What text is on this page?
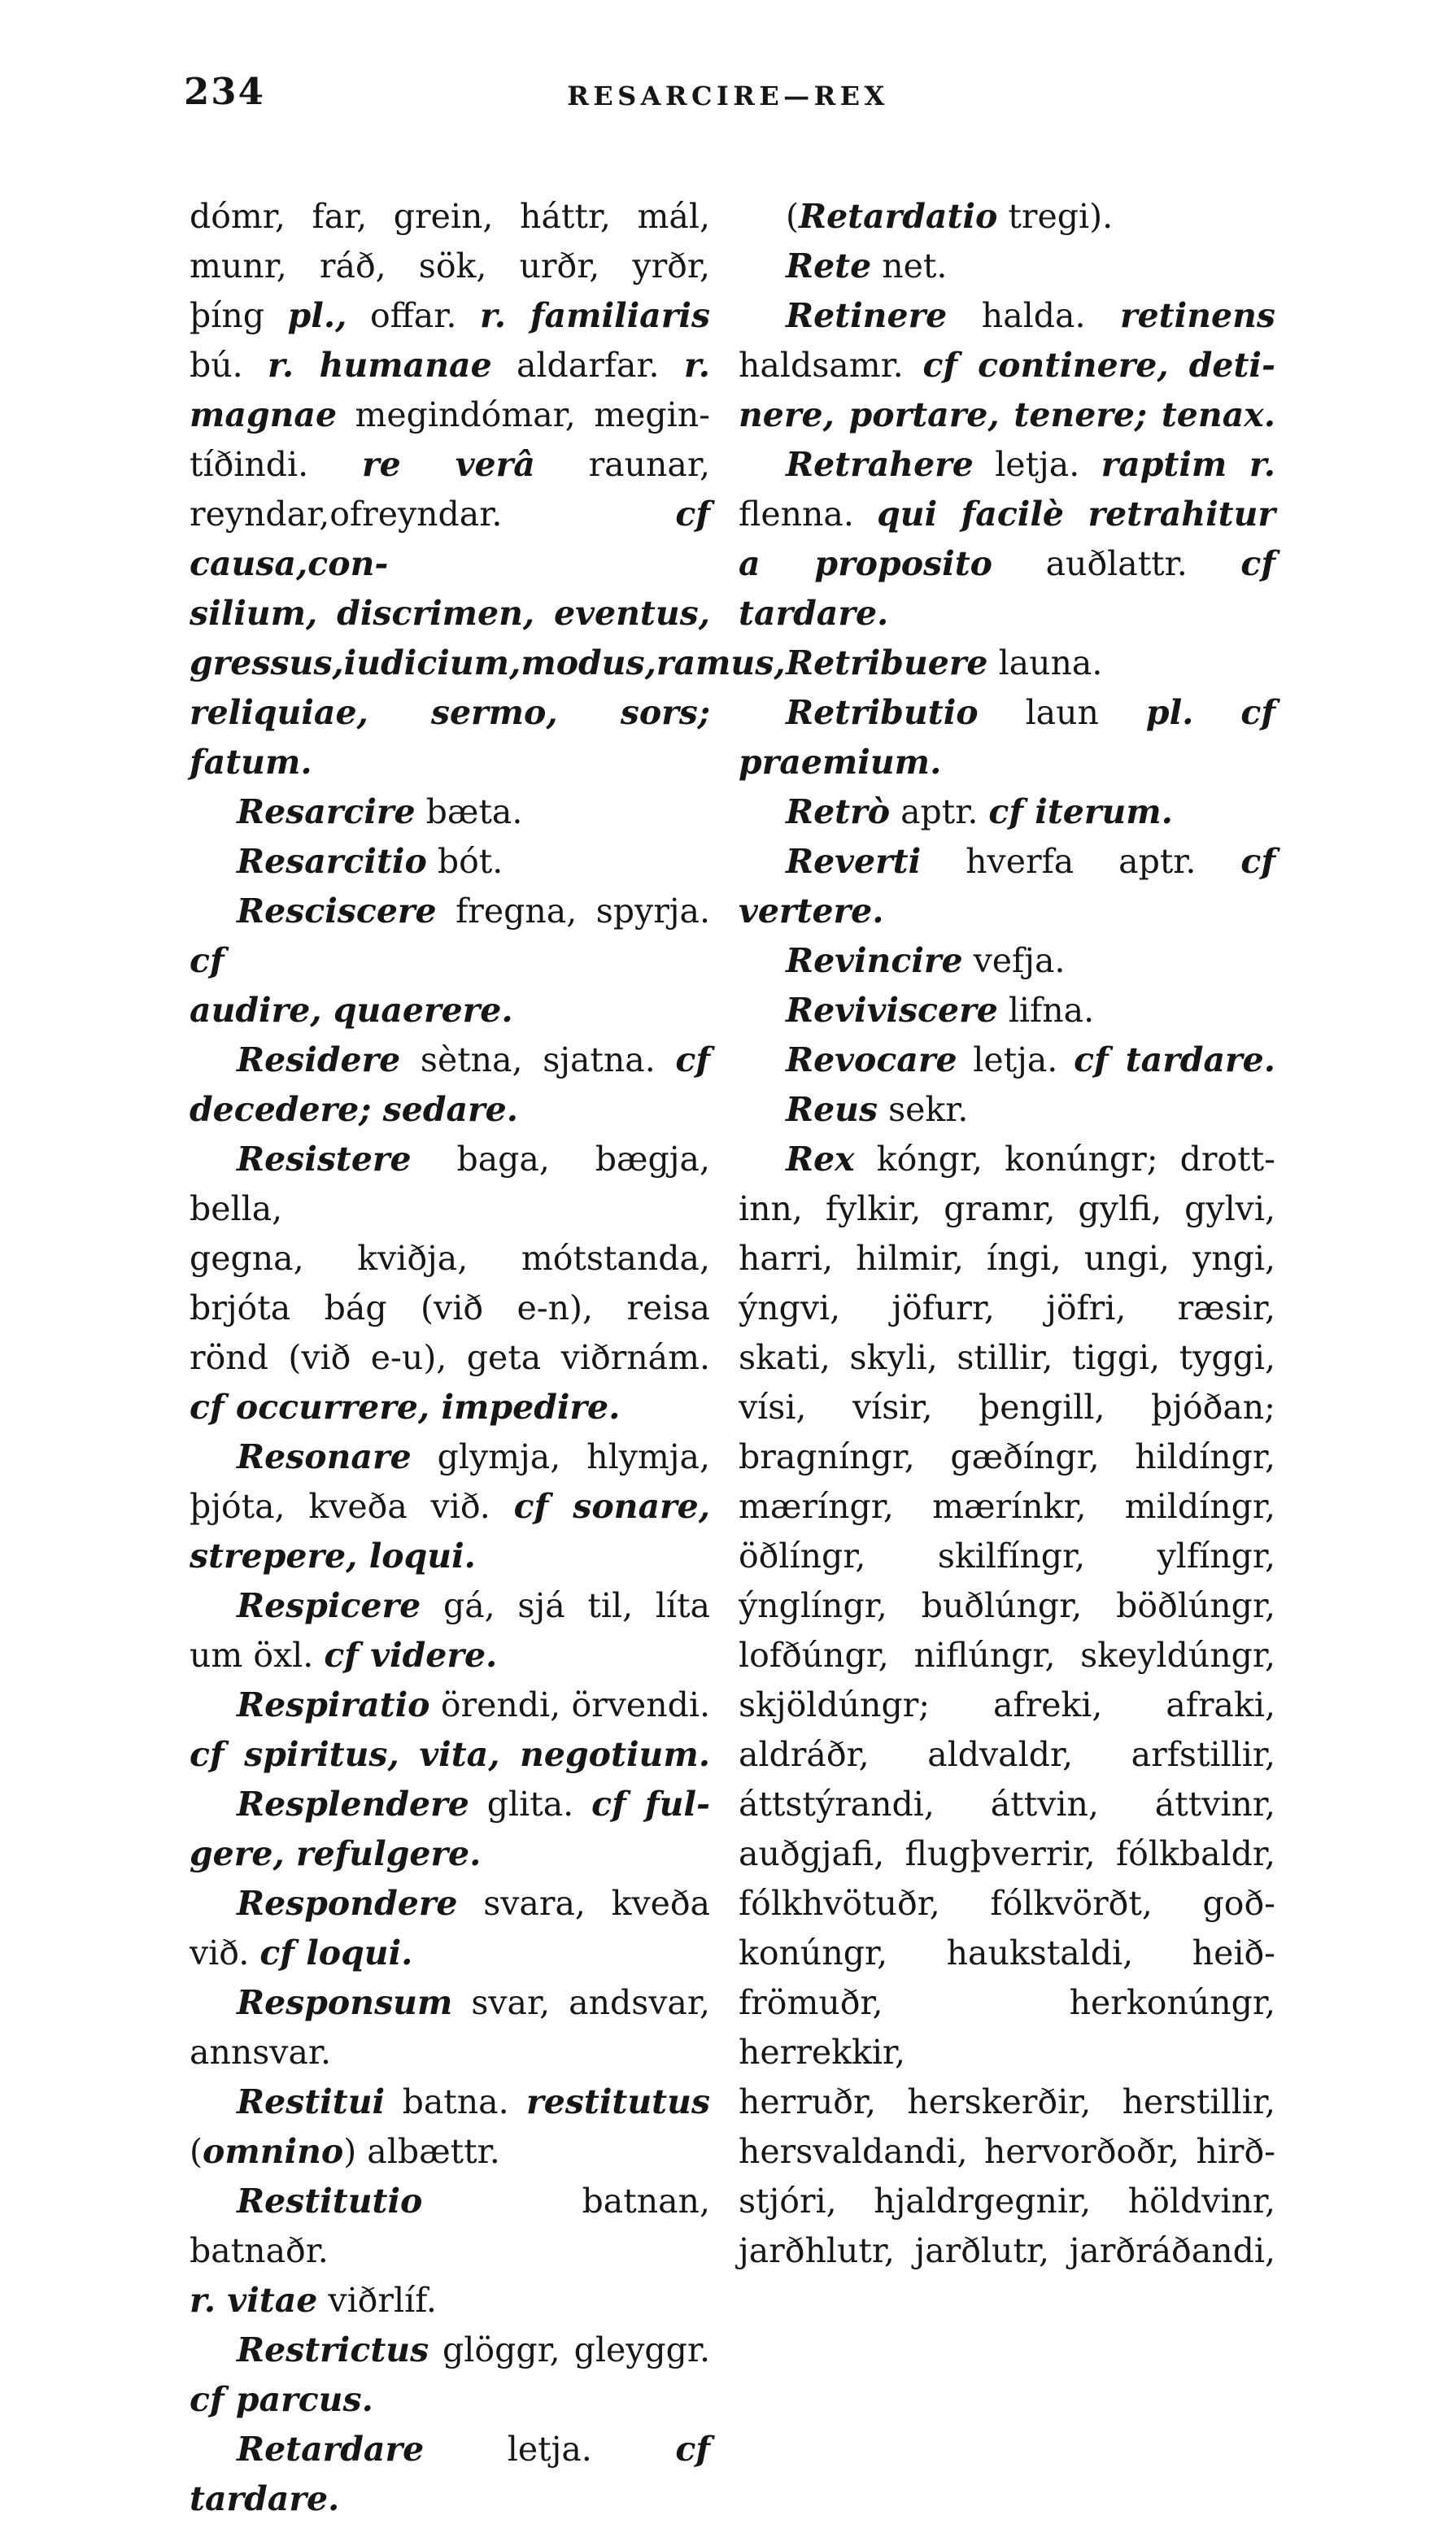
234	RESARCIRE—REX
dómr, far, grein, háttr, mál,
munr, ráð, sök, urðr, yrðr,
þíng pl., offar. r. familiaris
bú. r. humanae aldarfar. r.
magnae megindómar, megin-
tíðindi. re verâ raunar,
reyndar,ofreyndar. cf causa,con-
silium, discrimen, eventus,
gressus,iudicium,modus,ramus,
reliquiae, sermo, sors; fatum.
Resarcire bæta.
Resarcitio bót.
Resciscere fregna, spyrja. cf
audire, quaerere.
Residere sètna, sjatna. cf
decedere; sedare.
Resistere baga, bægja, bella,
gegna, kviðja, mótstanda,
brjóta bág (við e-n), reisa
rönd (við e-u), geta viðrnám.
cf occurrere, impedire.
Resonare glymja, hlymja,
þjóta, kveða við. cf sonare,
strepere, loqui.
Respicere gá, sjá til, líta
um öxl. cf videre.
Respiratio örendi, örvendi.
cf spiritus, vita, negotium.
Resplendere glita. cf ful-
gere, refulgere.
Respondere svara, kveða
við. cf loqui.
Responsum svar, andsvar,
annsvar.
Restitui batna. restitutus
(omnino) albættr.
Restitutio batnan, batnaðr.
r. vitae viðrlíf.
Restrictus glöggr, gleyggr.
cf parcus.
Retardare letja. cf tardare.
(Retardatio tregi).
Rete net.
Retinere halda. retinens
haldsamr. cf continere, deti-
nere, portare, tenere; tenax.
Retrahere letja. raptim r.
flenna. qui facilè retrahitur
a proposito auðlattr. cf
tardare.
Retribuere launa.
Retributio laun pl. cf
praemium.
Retrò aptr. cf iterum.
Reverti hverfa aptr. cf
vertere.
Revincire vefja.
Reviviscere lifna.
Revocare letja. cf tardare.
Reus sekr.
Rex kóngr, konúngr; drott-
inn, fylkir, gramr, gylfi, gylvi,
harri, hilmir, íngi, ungi, yngi,
ýngvi, jöfurr, jöfri, ræsir,
skati, skyli, stillir, tiggi, tyggi,
vísi, vísir, þengill, þjóðan;
bragníngr, gæðíngr, hildíngr,
mæríngr, mærínkr, mildíngr,
öðlíngr, skilfíngr, ylfíngr,
ýnglíngr, buðlúngr, böðlúngr,
lofðúngr, niflúngr, skeyldúngr,
skjöldúngr; afreki, afraki,
aldráðr, aldvaldr, arfstillir,
áttstýrandi, áttvin, áttvinr,
auðgjafi, flugþverrir, fólkbaldr,
fólkhvötuðr, fólkvörðt, goð-
konúngr, haukstaldi, heið-
frömuðr, herkonúngr, herrekkir,
herruðr, herskerðir, herstillir,
hersvaldandi, hervorðoðr, hirð-
stjóri, hjaldrgegnir, höldvinr,
jarðhlutr, jarðlutr, jarðráðandi,
